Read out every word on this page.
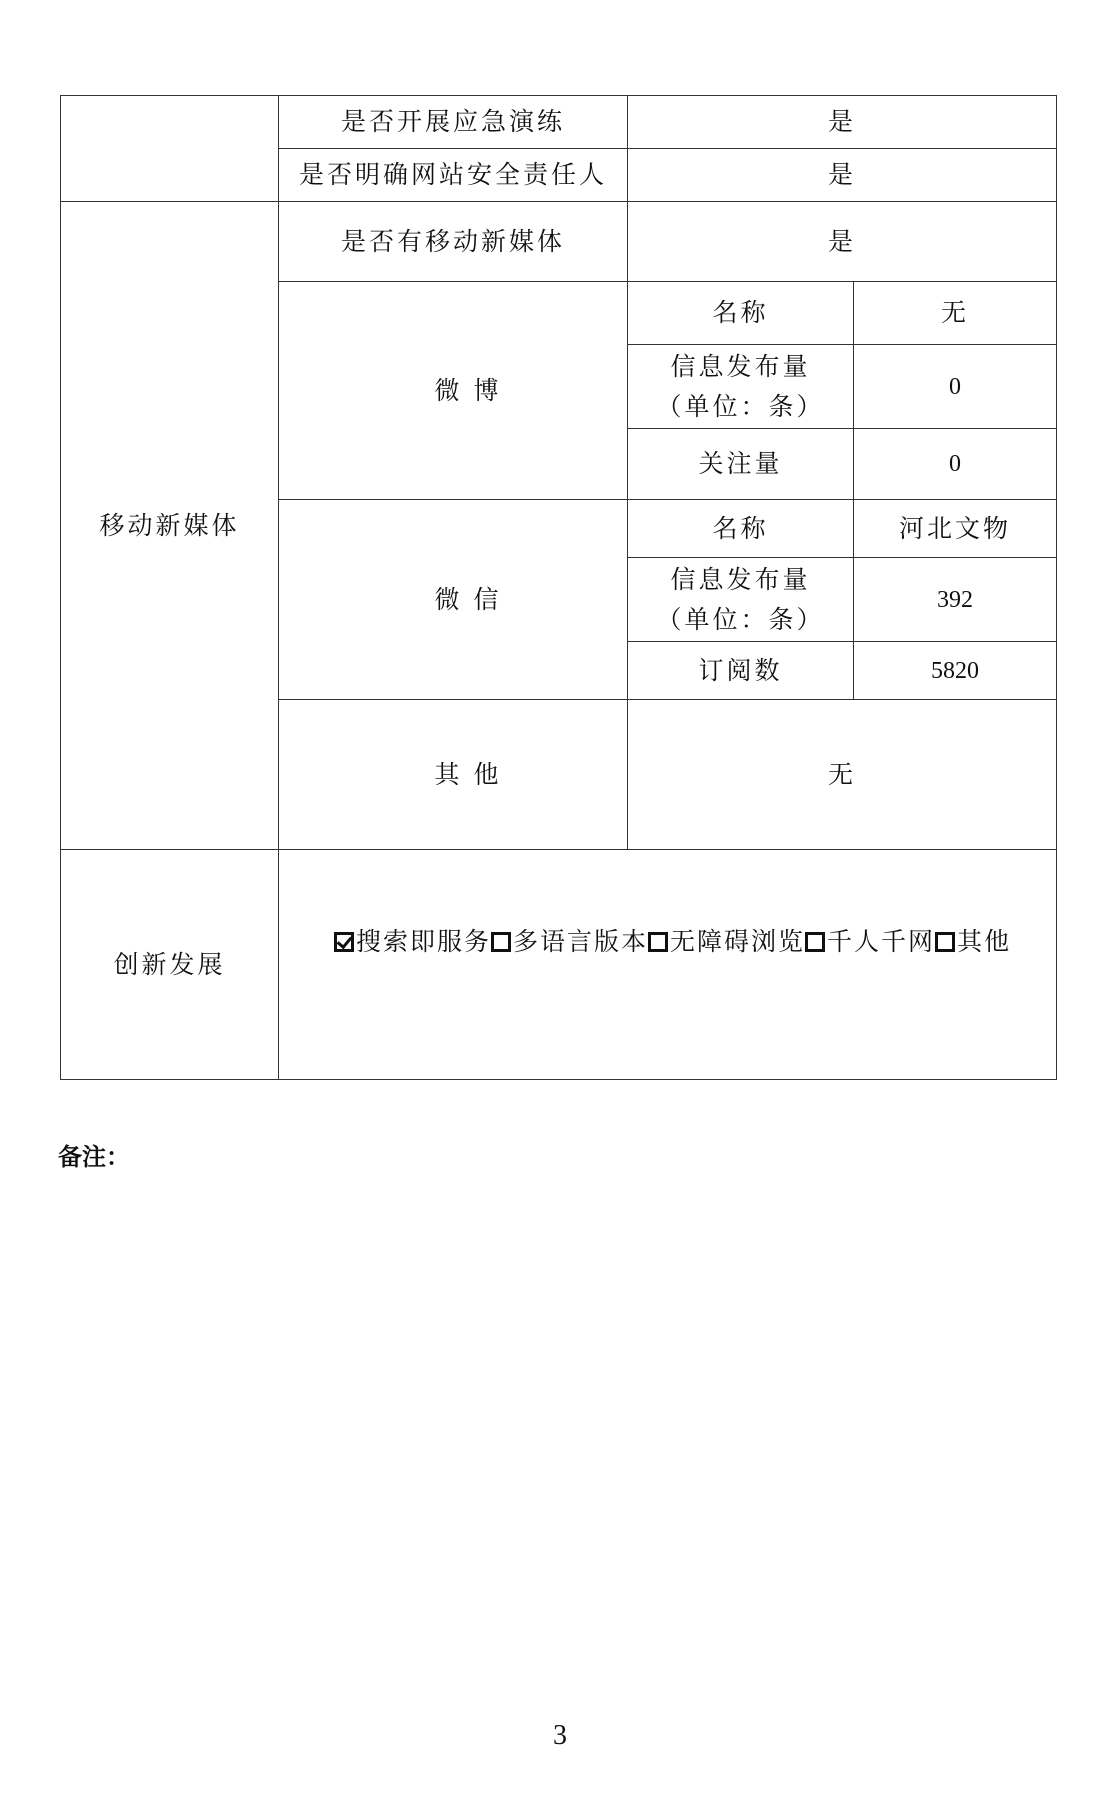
	是否开展应急演练	是	
	是否明确网站安全责任人	是	
移动新媒体	是否有移动新媒体	是	
	微 博	名称	无

		信息发布量
（单位：条）	0
		关注量	0
	微 信	名称	河北文物

		信息发布量
（单位：条）	392
		订阅数	5820
	其 他	无	
创新发展	搜索即服务 多语言版本 无障碍浏览 千人千网 其他		
备注：
3
